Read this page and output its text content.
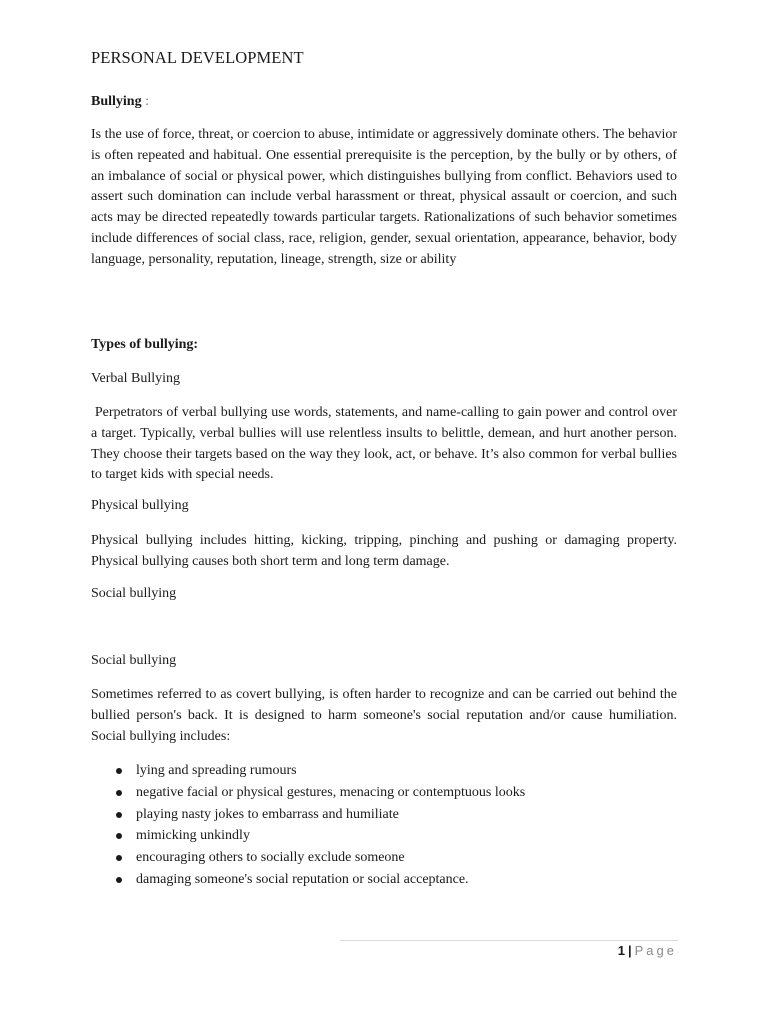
PERSONAL DEVELOPMENT

Bullying :

Is the use of force, threat, or coercion to abuse, intimidate or aggressively dominate others. The behavior is often repeated and habitual. One essential prerequisite is the perception, by the bully or by others, of an imbalance of social or physical power, which distinguishes bullying from conflict. Behaviors used to assert such domination can include verbal harassment or threat, physical assault or coercion, and such acts may be directed repeatedly towards particular targets. Rationalizations of such behavior sometimes include differences of social class, race, religion, gender, sexual orientation, appearance, behavior, body language, personality, reputation, lineage, strength, size or ability

Types of bullying:

Verbal Bullying

Perpetrators of verbal bullying use words, statements, and name-calling to gain power and control over a target. Typically, verbal bullies will use relentless insults to belittle, demean, and hurt another person. They choose their targets based on the way they look, act, or behave. It’s also common for verbal bullies to target kids with special needs.

Physical bullying

Physical bullying includes hitting, kicking, tripping, pinching and pushing or damaging property. Physical bullying causes both short term and long term damage.

Social bullying

Social bullying

Sometimes referred to as covert bullying, is often harder to recognize and can be carried out behind the bullied person's back. It is designed to harm someone's social reputation and/or cause humiliation. Social bullying includes:

lying and spreading rumours
negative facial or physical gestures, menacing or contemptuous looks
playing nasty jokes to embarrass and humiliate
mimicking unkindly
encouraging others to socially exclude someone
damaging someone's social reputation or social acceptance.
1 | Page
